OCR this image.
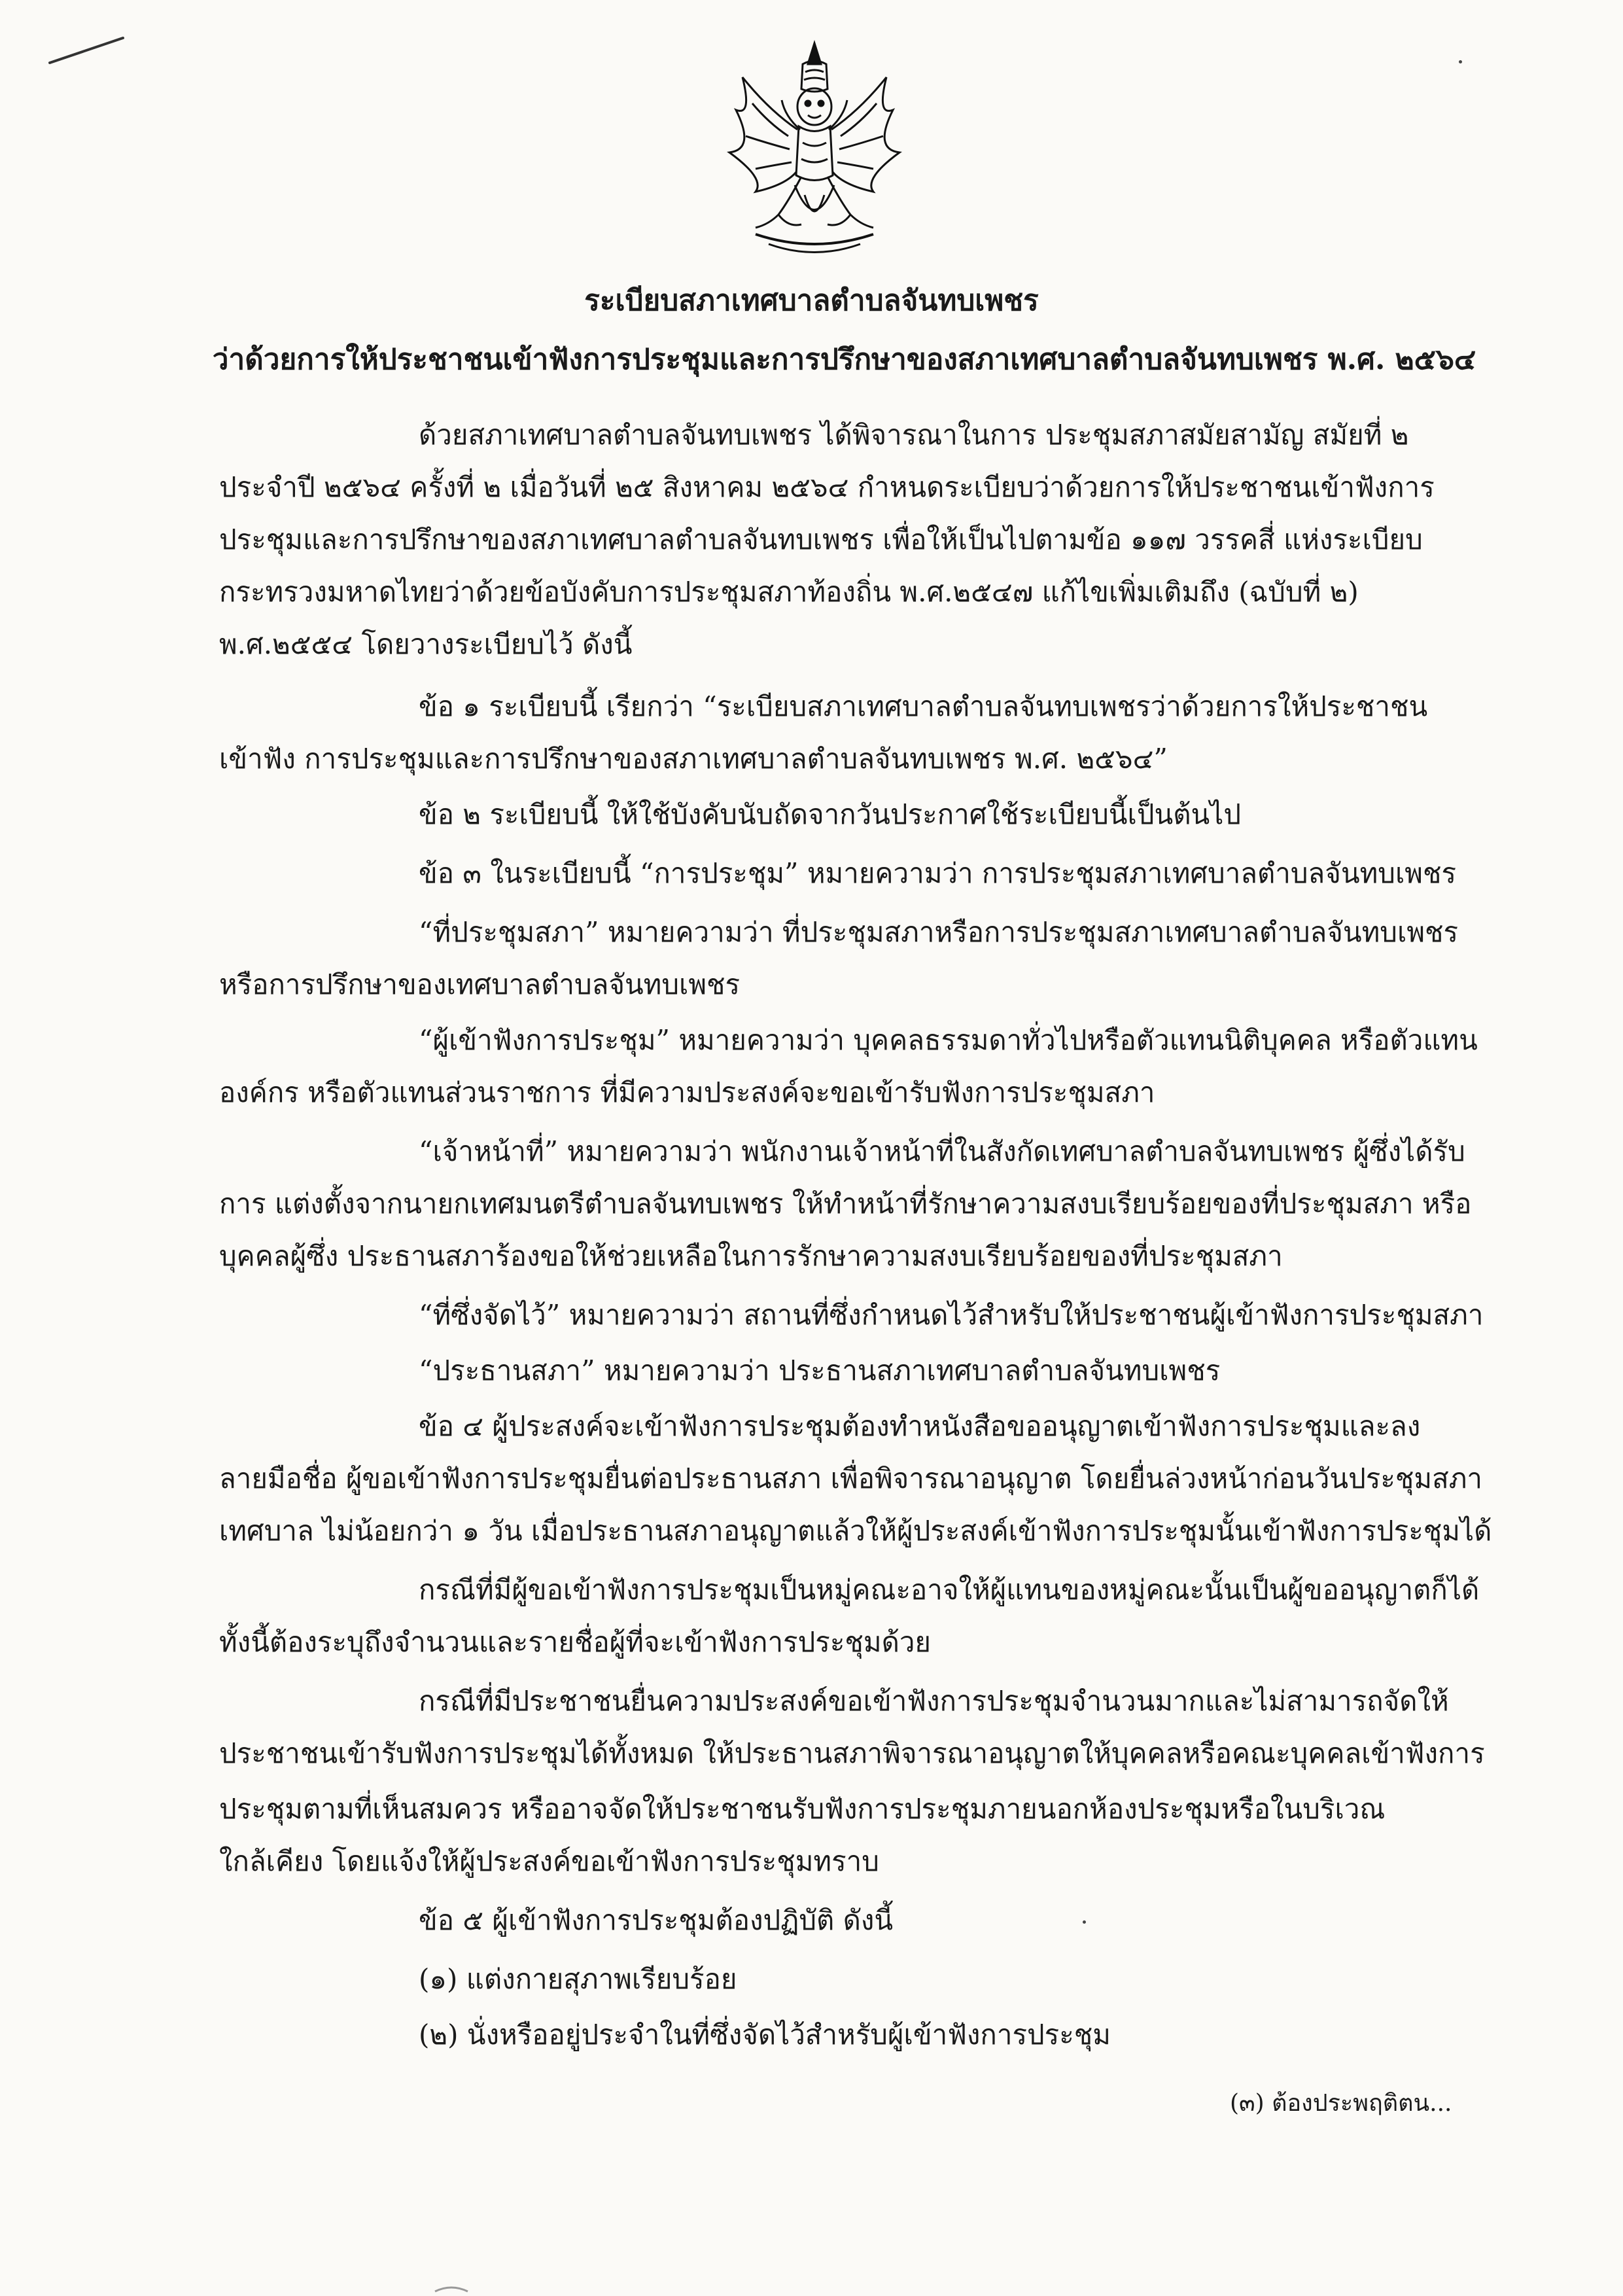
ระเบียบสภาเทศบาลตำบลจันทบเพชร
ว่าด้วยการให้ประชาชนเข้าฟังการประชุมและการปรึกษาของสภาเทศบาลตำบลจันทบเพชร พ.ศ. ๒๕๖๔
ด้วยสภาเทศบาลตำบลจันทบเพชร ได้พิจารณาในการ ประชุมสภาสมัยสามัญ สมัยที่ ๒
ประจำปี ๒๕๖๔ ครั้งที่ ๒ เมื่อวันที่ ๒๕ สิงหาคม ๒๕๖๔ กำหนดระเบียบว่าด้วยการให้ประชาชนเข้าฟังการ
ประชุมและการปรึกษาของสภาเทศบาลตำบลจันทบเพชร เพื่อให้เป็นไปตามข้อ ๑๑๗ วรรคสี่ แห่งระเบียบ
กระทรวงมหาดไทยว่าด้วยข้อบังคับการประชุมสภาท้องถิ่น พ.ศ.๒๕๔๗ แก้ไขเพิ่มเติมถึง (ฉบับที่ ๒)
พ.ศ.๒๕๕๔ โดยวางระเบียบไว้ ดังนี้
ข้อ ๑ ระเบียบนี้ เรียกว่า “ระเบียบสภาเทศบาลตำบลจันทบเพชรว่าด้วยการให้ประชาชน
เข้าฟัง การประชุมและการปรึกษาของสภาเทศบาลตำบลจันทบเพชร พ.ศ. ๒๕๖๔”
ข้อ ๒ ระเบียบนี้ ให้ใช้บังคับนับถัดจากวันประกาศใช้ระเบียบนี้เป็นต้นไป
ข้อ ๓ ในระเบียบนี้ “การประชุม” หมายความว่า การประชุมสภาเทศบาลตำบลจันทบเพชร
“ที่ประชุมสภา” หมายความว่า ที่ประชุมสภาหรือการประชุมสภาเทศบาลตำบลจันทบเพชร
หรือการปรึกษาของเทศบาลตำบลจันทบเพชร
“ผู้เข้าฟังการประชุม” หมายความว่า บุคคลธรรมดาทั่วไปหรือตัวแทนนิติบุคคล หรือตัวแทน
องค์กร หรือตัวแทนส่วนราชการ ที่มีความประสงค์จะขอเข้ารับฟังการประชุมสภา
“เจ้าหน้าที่” หมายความว่า พนักงานเจ้าหน้าที่ในสังกัดเทศบาลตำบลจันทบเพชร ผู้ซึ่งได้รับ
การ แต่งตั้งจากนายกเทศมนตรีตำบลจันทบเพชร ให้ทำหน้าที่รักษาความสงบเรียบร้อยของที่ประชุมสภา หรือ
บุคคลผู้ซึ่ง ประธานสภาร้องขอให้ช่วยเหลือในการรักษาความสงบเรียบร้อยของที่ประชุมสภา
“ที่ซึ่งจัดไว้” หมายความว่า สถานที่ซึ่งกำหนดไว้สำหรับให้ประชาชนผู้เข้าฟังการประชุมสภา
“ประธานสภา” หมายความว่า ประธานสภาเทศบาลตำบลจันทบเพชร
ข้อ ๔ ผู้ประสงค์จะเข้าฟังการประชุมต้องทำหนังสือขออนุญาตเข้าฟังการประชุมและลง
ลายมือชื่อ ผู้ขอเข้าฟังการประชุมยื่นต่อประธานสภา เพื่อพิจารณาอนุญาต โดยยื่นล่วงหน้าก่อนวันประชุมสภา
เทศบาล ไม่น้อยกว่า ๑ วัน เมื่อประธานสภาอนุญาตแล้วให้ผู้ประสงค์เข้าฟังการประชุมนั้นเข้าฟังการประชุมได้
กรณีที่มีผู้ขอเข้าฟังการประชุมเป็นหมู่คณะอาจให้ผู้แทนของหมู่คณะนั้นเป็นผู้ขออนุญาตก็ได้
ทั้งนี้ต้องระบุถึงจำนวนและรายชื่อผู้ที่จะเข้าฟังการประชุมด้วย
กรณีที่มีประชาชนยื่นความประสงค์ขอเข้าฟังการประชุมจำนวนมากและไม่สามารถจัดให้
ประชาชนเข้ารับฟังการประชุมได้ทั้งหมด ให้ประธานสภาพิจารณาอนุญาตให้บุคคลหรือคณะบุคคลเข้าฟังการ
ประชุมตามที่เห็นสมควร หรืออาจจัดให้ประชาชนรับฟังการประชุมภายนอกห้องประชุมหรือในบริเวณ
ใกล้เคียง โดยแจ้งให้ผู้ประสงค์ขอเข้าฟังการประชุมทราบ
ข้อ ๕ ผู้เข้าฟังการประชุมต้องปฏิบัติ ดังนี้
(๑) แต่งกายสุภาพเรียบร้อย
(๒) นั่งหรืออยู่ประจำในที่ซึ่งจัดไว้สำหรับผู้เข้าฟังการประชุม
(๓) ต้องประพฤติตน...
